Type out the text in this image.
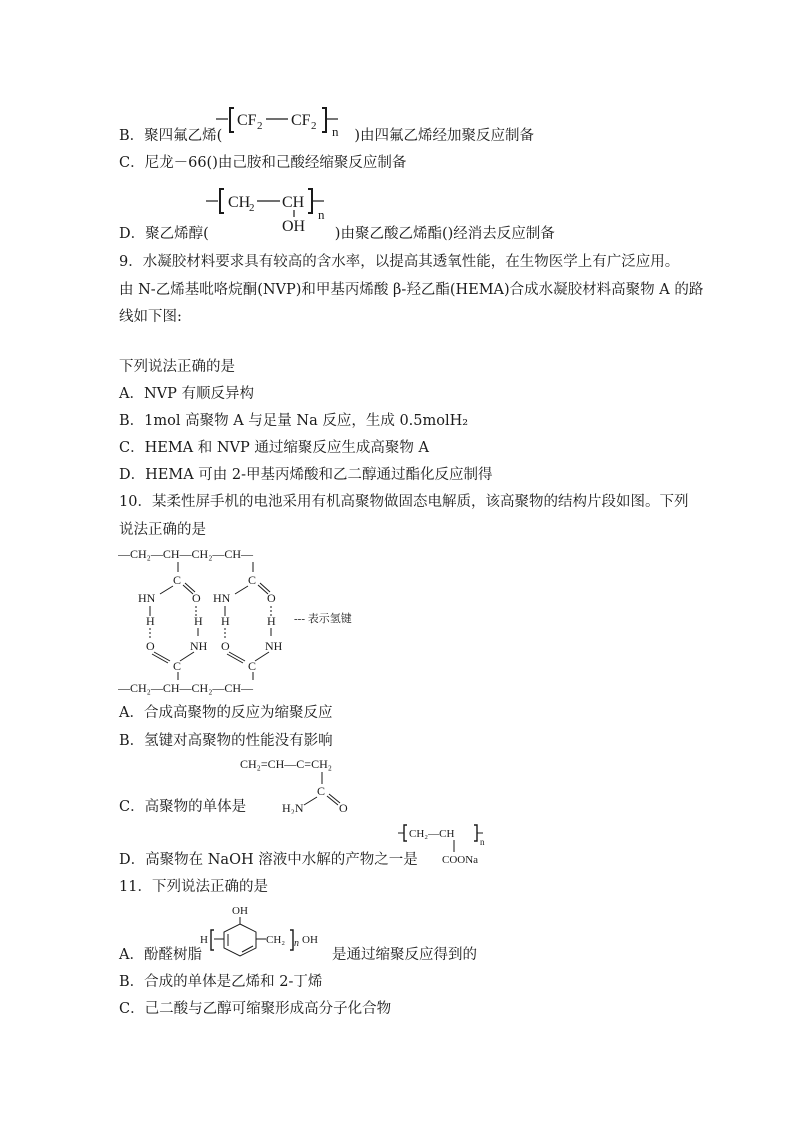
CF 2 CF 2 n
B．聚四氟乙烯(	)由四氟乙烯经加聚反应制备
C．尼龙－66()由己胺和己酸经缩聚反应制备
CH
2 CH
OH
n
D．聚乙烯醇(	)由聚乙酸乙烯酯()经消去反应制备
9．水凝胶材料要求具有较高的含水率，以提高其透氧性能，在生物医学上有广泛应用。
由 N-乙烯基吡咯烷酮(NVP)和甲基丙烯酸 β-羟乙酯(HEMA)合成水凝胶材料高聚物 A 的路
线如下图:
下列说法正确的是
A．NVP 有顺反异构
B．1mol 高聚物 A 与足量 Na 反应，生成 0.5molH₂
C．HEMA 和 NVP 通过缩聚反应生成高聚物 A
D．HEMA 可由 2-甲基丙烯酸和乙二醇通过酯化反应制得
10．某柔性屏手机的电池采用有机高聚物做固态电解质，该高聚物的结构片段如图。下列
说法正确的是
—CH₂—CH—CH₂—CH—
C
HN	O
H
H
O	NH
C
C
HN	O
H	H
O	NH
C
—CH₂—CH—CH₂—CH—
--- 表示氢键
A．合成高聚物的反应为缩聚反应
B．氢键对高聚物的性能没有影响
CH₂=CH—C=CH₂
C
H₂N	O
C．高聚物的单体是
CH₂—CH
n
COONa
D．高聚物在 NaOH 溶液中水解的产物之一是
11．下列说法正确的是
OH
H	CH₂ n OH
A．酚醛树脂	是通过缩聚反应得到的
B．合成的单体是乙烯和 2-丁烯
C．己二酸与乙醇可缩聚形成高分子化合物
